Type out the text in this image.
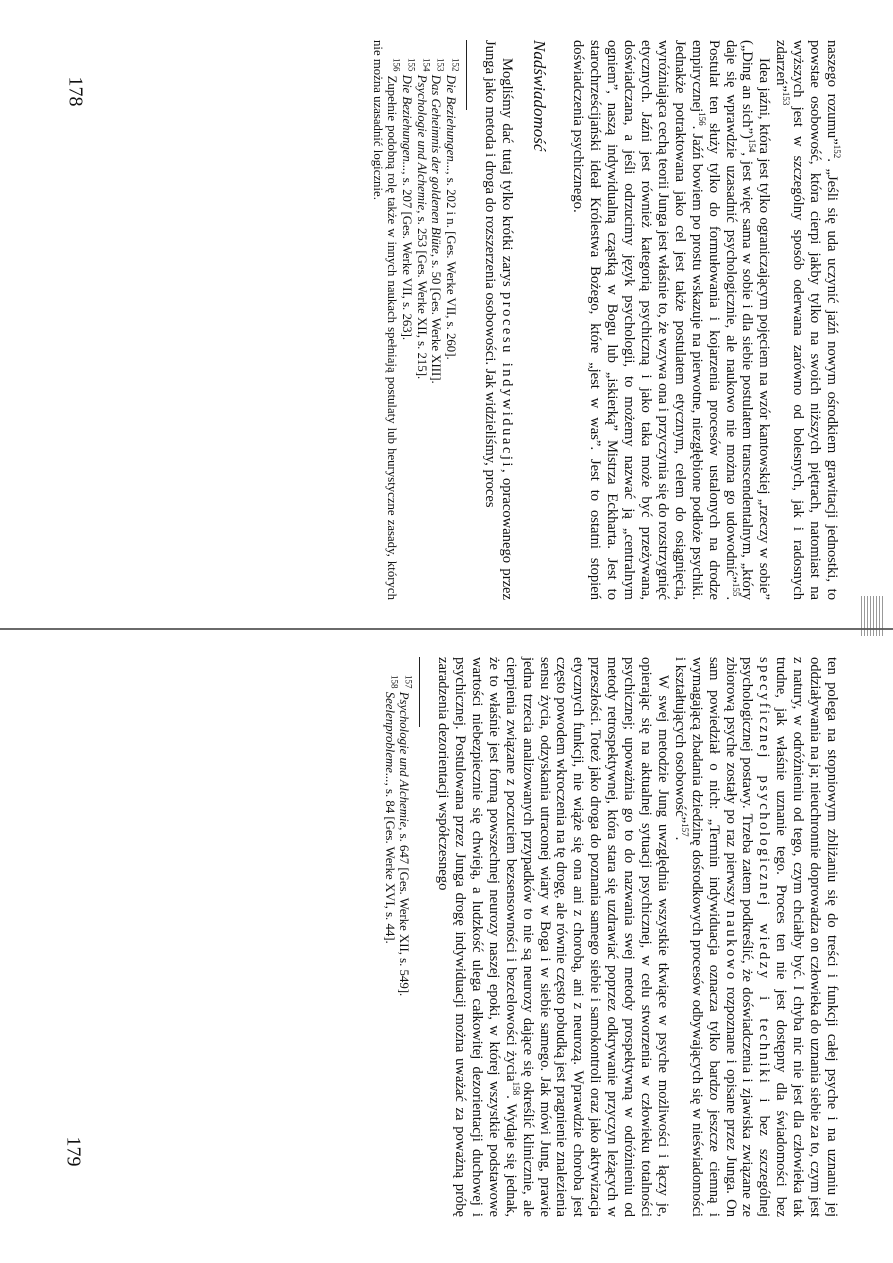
naszego rozumu”$^{152}$. „Jeśli się uda uczynić jaźń nowym ośrodkiem grawitacji jednostki, to powstae osobowość, która cierpi jakby tylko na swoich niższych piętrach, natomiast na wyższych jest w szczególny sposób oderwana zarówno od bolesnych, jak i radosnych zdarzeń”$^{153}$

Idea jaźni, która jest tylko ograniczającym pojęciem na wzór kantowskiej „rzeczy w sobie” („Ding an sich”)$^{154}$, jest więc sama w sobie i dla siebie postulatem transcendentalnym, „który daje się wprawdzie uzasadnić psychologicznie, ale naukowo nie można go udowodnić”$^{155}$. Postulat ten służy tylko do formułowania i kojarzenia procesów ustalonych na drodze empirycznej$^{156}$. Jaźń bowiem po prostu wskazuje na pierwotne, niezgłębione podłoże psychiki. Jednakże potraktowana jako cel jest także postulatem etycznym, celem do osiągnięcia, wyróżniająca cechą teorii Junga jest właśnie to, że wzywa ona i przyczynia się do rozstrzygnięć etycznych. Jaźni jest również kategorią psychiczną i jako taka może być przeżywana, doświadczana, a jeśli odrzucimy język psychologii, to możemy nazwać ją „centralnym ogniem”, naszą indywidualną cząstką w Bogu lub „iskierką” Mistrza Eckharta. Jest to starochrześcijański ideał Królestwa Bożego, które „jest w was”. Jest to ostatni stopień doświadczenia psychicznego.

Nadświadomość

Mogliśmy dać tutaj tylko krótki zarys procesu indywiduacji, opracowanego przez Junga jako metoda i droga do rozszerzenia osobowości. Jak widzieliśmy, proces

$^{152}$ Die Beziehungen..., s. 202 i n. [Ges. Werke VII, s. 260].

$^{153}$ Das Geheimnis der goldenen Blüte, s. 50 [Ges. Werke XIII].

$^{154}$ Psychologie und Alchemie, s. 253 [Ges. Werke XII, s. 215].

$^{155}$ Die Beziehungen..., s. 207 [Ges. Werke VII, s. 263].

$^{156}$ Zupełnie podobną rolę także w innych naukach spełniają postulaty lub heurystyczne zasady, których nie można uzasadnić logicznie.

ten polega na stopniowym zbliżaniu się do treści i funkcji całej psyche i na uznaniu jej oddziaływania na ja; nieuchronnie doprowadza on człowieka do uznania siebie za to, czym jest z natury, w odróżnieniu od tego, czym chciałby być. I chyba nic nie jest dla człowieka tak trudne, jak właśnie uznanie tego. Proces ten nie jest dostępny dla świadomości bez specyficznej psychologicznej wiedzy i techniki i bez szczególnej psychologicznej postawy. Trzeba zatem podkreślić, że doświadczenia i zjawiska związane ze zbiorową psyche zostały po raz pierwszy naukowo rozpoznane i opisane przez Junga. On sam powiedział o nich: „Termin indywiduacja oznacza tylko bardzo jeszcze ciemną i wymagającą zbadania dziedzinę dośrodkowych procesów odbywających się w nieświadomości i kształtujących osobowość”$^{157}$.

W swej metodzie Jung uwzględnia wszystkie tkwiące w psyche możliwości i łączy je, opierając się na aktualnej sytuacji psychicznej, w celu stworzenia w człowieku totalności psychicznej; upoważnia go to do nazwania swej metody prospektywną w odróżnieniu od metody retrospektywnej, która stara się uzdrawiać poprzez odkrywanie przyczyn leżących w przeszłości. Toteż jako droga do poznania samego siebie i samokontroli oraz jako aktywizacja etycznych funkcji, nie wiąże się ona ani z chorobą, ani z neurozą. Wprawdzie choroba jest często powodem wkroczenia na tę drogę, ale równie często pobudką jest pragnienie znalezienia sensu życia, odzyskania utraconej wiary w Boga i w siebie samego. Jak mówi Jung, prawie jedna trzecia analizowanych przypadków to nie są neurozy dające się określić klinicznie, ale cierpienia związane z poczuciem bezsensowności i bezcelowości życia$^{158}$. Wydaje się jednak, że to właśnie jest formą powszechnej neurozy naszej epoki, w której wszystkie podstawowe wartości niebezpiecznie się chwieją, a ludzkość ulega całkowitej dezorientacji duchowej i psychicznej. Postulowana przez Junga drogę indywiduacji można uważać za poważną próbę zaradzenia dezorientacji współczesnego

$^{157}$ Psychologie und Alchemie, s. 647 [Ges. Werke XII, s. 549].

$^{158}$ Seelenprobleme..., s. 84 [Ges. Werke XVI, s. 44].

178
179
